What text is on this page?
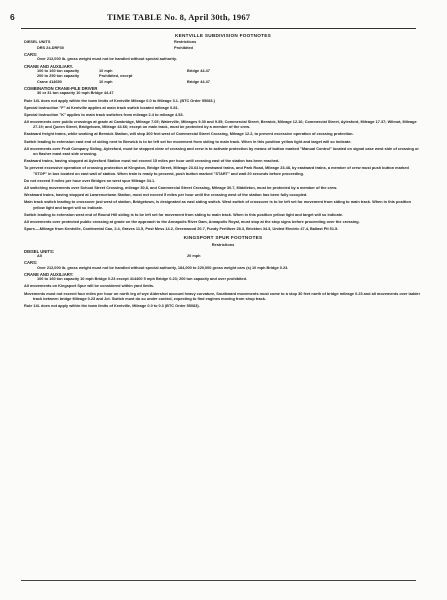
6	TIME TABLE No. 8, April 30th, 1967
KENTVILLE SUBDIVISION FOOTNOTES
DIESEL UNITS	Restrictions
DRS 24-DRF30	Prohibited
CARS:
Over 212,000 lb. gross weight must not be handled without special authority.
CRANE AND AUXILIARY.
100 to 160 ton capacity	10 mph	Bridge 44.47
200 to 250 ton capacity	Prohibited, except
Crane 414650	10 mph	Bridge 44.47
COMBINATION CRANE-PILE DRIVER
30 or 31 ton capacity 10 mph Bridge 44.47
Rule 14L does not apply within the town limits of Kentville Mileage 0.0 to Mileage 3.1. (BTC Order 55083.)
Special Instruction "F" at Kentville applies at main track switch located mileage 0.81.
Special Instruction "K" applies to main track switches from mileage 2.4 to mileage 4.53.
All movements over public crossings at grade at Cambridge, Mileage 7.05; Waterville, Mileages 9.30 and 9.35; Commercial Street, Berwick, Mileage 12.16; Commercial Street, Aylesford, Mileage 17.37; Wilmot, Mileage 27.19; and Queen Street, Bridgetown, Mileage 44.66; except on main track, must be protected by a member of the crew.
Eastward freight trains, while working at Berwick Station, will stop 300 feet west of Commercial Street Crossing, Mileage 12.2, to prevent excessive operation of crossing protection.
Switch leading to extension east end of siding next to Berwick is to be left set for movement from siding to main track. When in this position yellow light and target will so indicate.
All movements over Fruit Company Siding, Aylesford, must be stopped clear of crossing and crew is to activate protection by means of button marked "Manual Control" located on signal case west side of crossing or on flasher mast east side crossing.
Eastward trains, having stopped at Aylesford Station must not exceed 15 miles per hour until crossing east of the station has been reached.
To prevent excessive operation of crossing protection at Kingston, Bridge Street, Mileage 23.64 by westward trains, and Park Road, Mileage 23.48, by eastward trains, a member of crew must push button marked "STOP" in box located on east wall of station. When train is ready to proceed, push button marked "START" and wait 20 seconds before proceeding.
Do not exceed 5 miles per hour over Bridges on west spur Mileage 34.1.
All switching movements over School Street Crossing, mileage 30.8, and Commercial Street Crossing, Mileage 30.7, Middleton, must be protected by a member of the crew.
Westward trains, having stopped at Lawrencetown Station, must not exceed 5 miles per hour until the crossing west of the station has been fully occupied.
Main track switch leading to crossover just west of station, Bridgetown, is designated as east siding switch. West switch of crossover is to be left set for movement from siding to main track. When in this position yellow light and target will so indicate.
Switch leading to extension west end of Round Hill siding is to be left set for movement from siding to main track. When in this position yellow light and target will so indicate.
All movements over protected public crossing at grade on the approach to the Annapolis River Dam, Annapolis Royal, must stop at the stop signs before proceeding over the crossing.
Spurs.—Mileage from Kentville, Continental Can, 2.4, Graves 11.5, Post Mess 14.2, Greenwood 20.7, Fundy Fertilizer 28.3, Brickton 34.3, United Electric 47.4, Ballast Pit 51.5.
KINGSPORT SPUR FOOTNOTES
Restrictions
DIESEL UNITS:
All	20 mph
CARS:
Over 212,000 lb. gross weight must not be handled without special authority, 184,000 to 220,000 gross weight cars (s) 10 mph Bridge 0.23.
CRANE AND AUXILIARY:
100 to 160 ton capacity 10 mph Bridge 0.23 except 414400 5 mph Bridge 0.23; 200 ton capacity and over prohibited.
All movements on Kingsport Spur will be considered within yard limits.
Movements must not exceed four miles per hour on north leg of wye Aldershot account heavy curvature, Southward movements must come to a stop 30 feet north of bridge mileage 0.23 and all movements over ladder track between bridge Mileage 0.23 and Jct. Switch must do so under control, expecting to find engines moving from shop track.
Rule 14L does not apply within the town limits of Kentville, Mileage 0.0 to 0.3 (BTC Order 55083).
